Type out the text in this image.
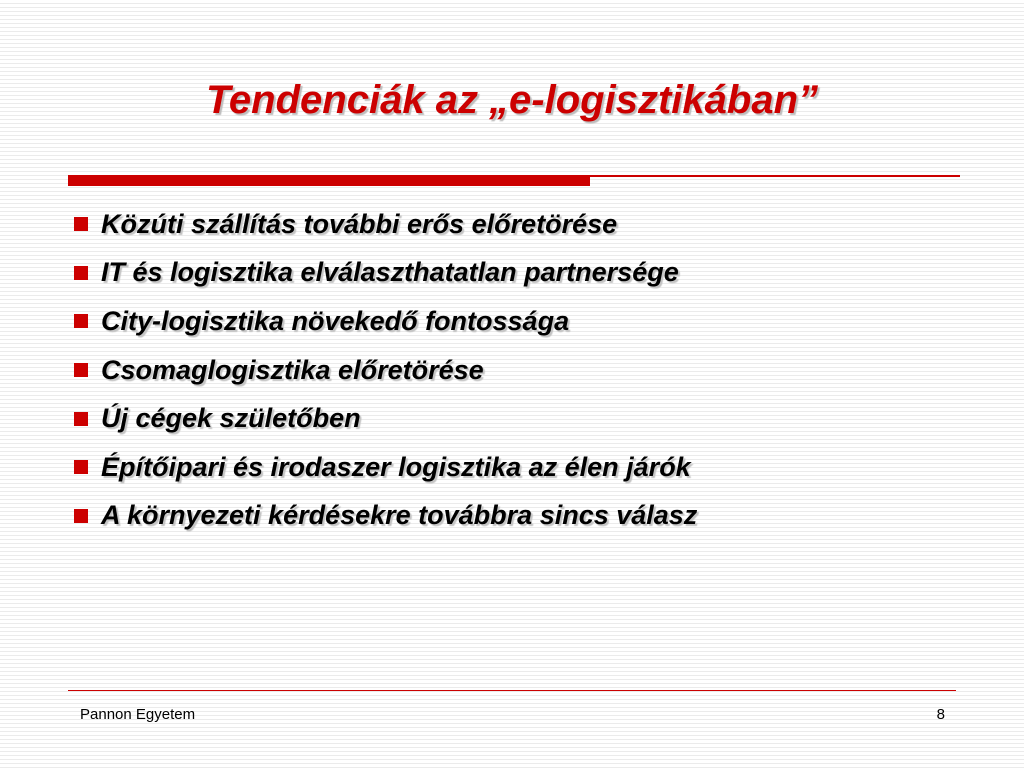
Tendenciák az „e-logisztikában”
Közúti szállítás további erős előretörése
IT és logisztika elválaszthatatlan partnersége
City-logisztika növekedő fontossága
Csomaglogisztika előretörése
Új cégek születőben
Építőipari és irodaszer logisztika az élen járók
A környezeti kérdésekre továbbra sincs válasz
Pannon Egyetem	8
